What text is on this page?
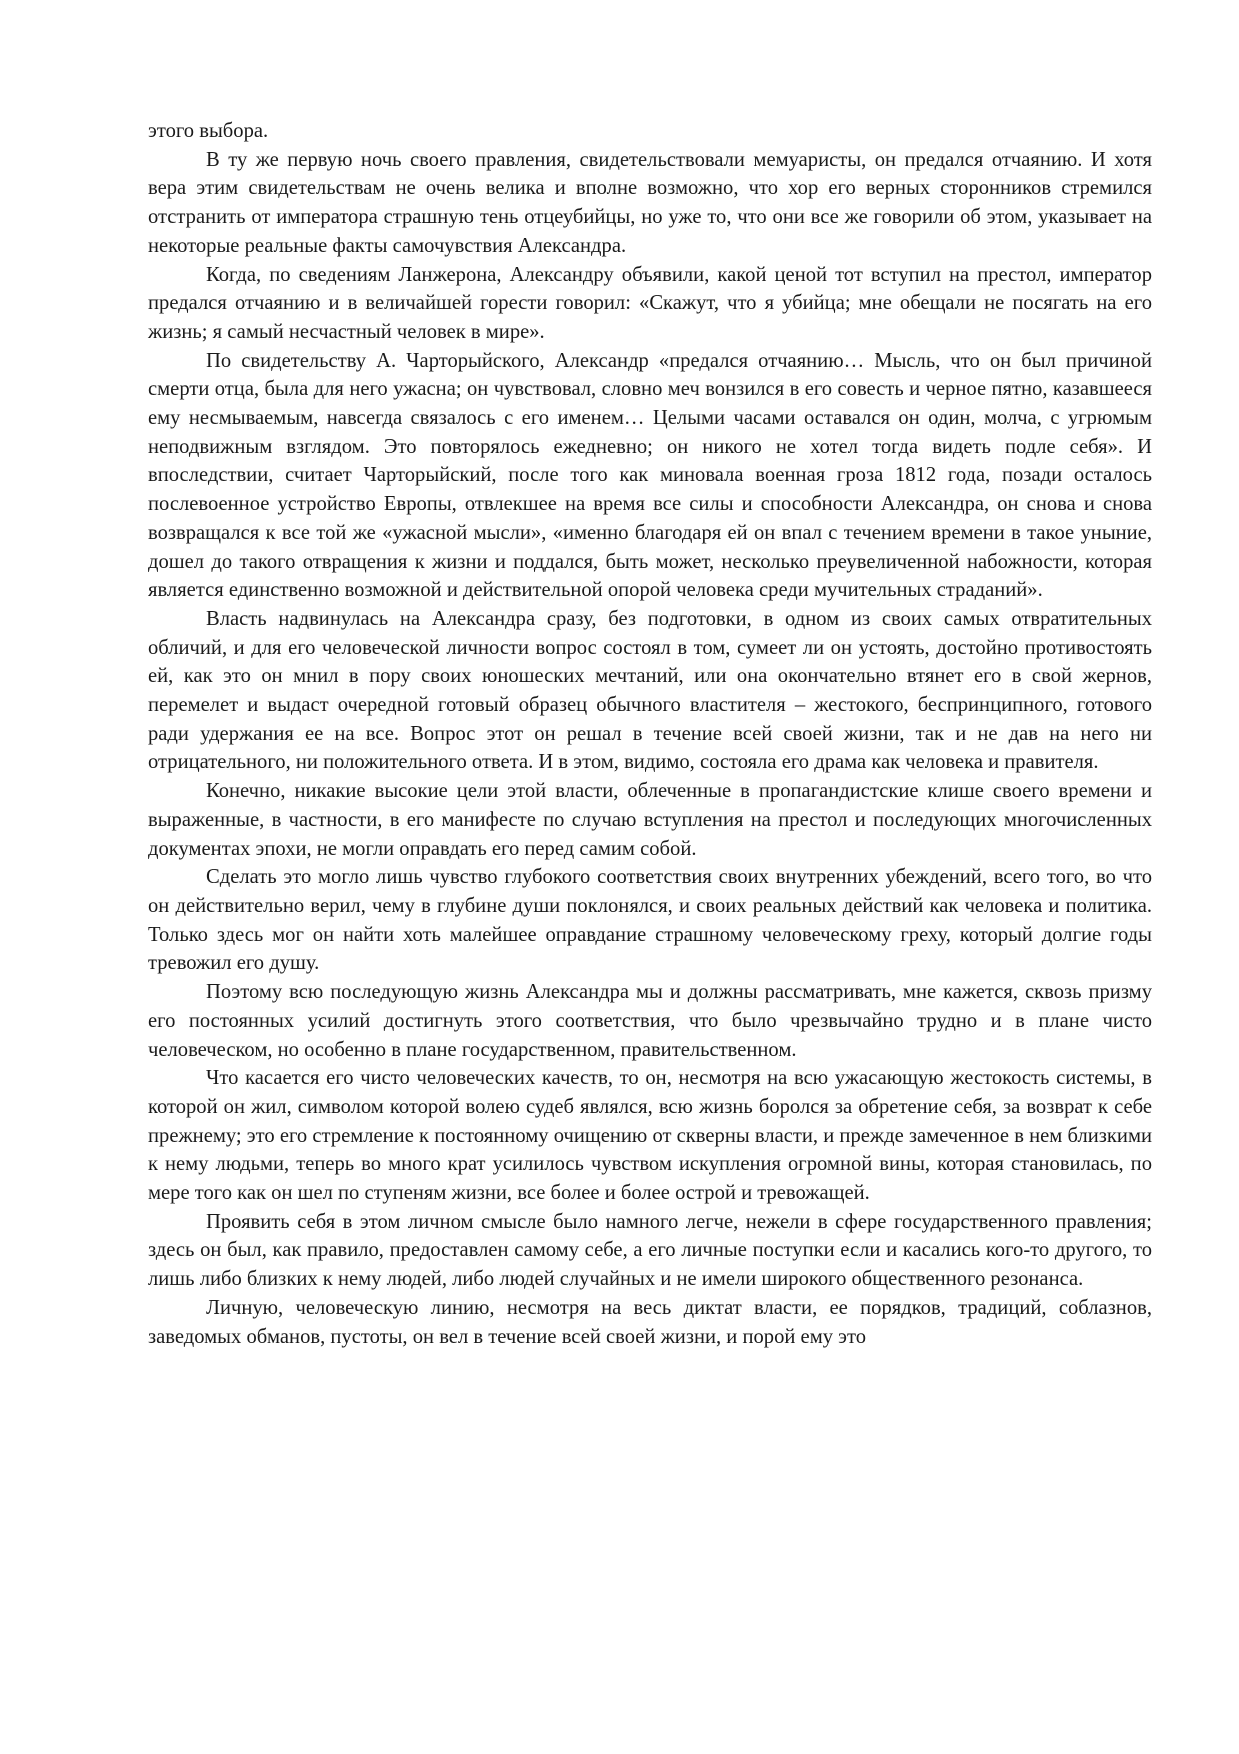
этого выбора.

В ту же первую ночь своего правления, свидетельствовали мемуаристы, он предался отчаянию. И хотя вера этим свидетельствам не очень велика и вполне возможно, что хор его верных сторонников стремился отстранить от императора страшную тень отцеубийцы, но уже то, что они все же говорили об этом, указывает на некоторые реальные факты самочувствия Александра.

Когда, по сведениям Ланжерона, Александру объявили, какой ценой тот вступил на престол, император предался отчаянию и в величайшей горести говорил: «Скажут, что я убийца; мне обещали не посягать на его жизнь; я самый несчастный человек в мире».

По свидетельству А. Чарторыйского, Александр «предался отчаянию… Мысль, что он был причиной смерти отца, была для него ужасна; он чувствовал, словно меч вонзился в его совесть и черное пятно, казавшееся ему несмываемым, навсегда связалось с его именем… Целыми часами оставался он один, молча, с угрюмым неподвижным взглядом. Это повторялось ежедневно; он никого не хотел тогда видеть подле себя». И впоследствии, считает Чарторыйский, после того как миновала военная гроза 1812 года, позади осталось послевоенное устройство Европы, отвлекшее на время все силы и способности Александра, он снова и снова возвращался к все той же «ужасной мысли», «именно благодаря ей он впал с течением времени в такое уныние, дошел до такого отвращения к жизни и поддался, быть может, несколько преувеличенной набожности, которая является единственно возможной и действительной опорой человека среди мучительных страданий».

Власть надвинулась на Александра сразу, без подготовки, в одном из своих самых отвратительных обличий, и для его человеческой личности вопрос состоял в том, сумеет ли он устоять, достойно противостоять ей, как это он мнил в пору своих юношеских мечтаний, или она окончательно втянет его в свой жернов, перемелет и выдаст очередной готовый образец обычного властителя – жестокого, беспринципного, готового ради удержания ее на все. Вопрос этот он решал в течение всей своей жизни, так и не дав на него ни отрицательного, ни положительного ответа. И в этом, видимо, состояла его драма как человека и правителя.

Конечно, никакие высокие цели этой власти, облеченные в пропагандистские клише своего времени и выраженные, в частности, в его манифесте по случаю вступления на престол и последующих многочисленных документах эпохи, не могли оправдать его перед самим собой.

Сделать это могло лишь чувство глубокого соответствия своих внутренних убеждений, всего того, во что он действительно верил, чему в глубине души поклонялся, и своих реальных действий как человека и политика. Только здесь мог он найти хоть малейшее оправдание страшному человеческому греху, который долгие годы тревожил его душу.

Поэтому всю последующую жизнь Александра мы и должны рассматривать, мне кажется, сквозь призму его постоянных усилий достигнуть этого соответствия, что было чрезвычайно трудно и в плане чисто человеческом, но особенно в плане государственном, правительственном.

Что касается его чисто человеческих качеств, то он, несмотря на всю ужасающую жестокость системы, в которой он жил, символом которой волею судеб являлся, всю жизнь боролся за обретение себя, за возврат к себе прежнему; это его стремление к постоянному очищению от скверны власти, и прежде замеченное в нем близкими к нему людьми, теперь во много крат усилилось чувством искупления огромной вины, которая становилась, по мере того как он шел по ступеням жизни, все более и более острой и тревожащей.

Проявить себя в этом личном смысле было намного легче, нежели в сфере государственного правления; здесь он был, как правило, предоставлен самому себе, а его личные поступки если и касались кого-то другого, то лишь либо близких к нему людей, либо людей случайных и не имели широкого общественного резонанса.

Личную, человеческую линию, несмотря на весь диктат власти, ее порядков, традиций, соблазнов, заведомых обманов, пустоты, он вел в течение всей своей жизни, и порой ему это
